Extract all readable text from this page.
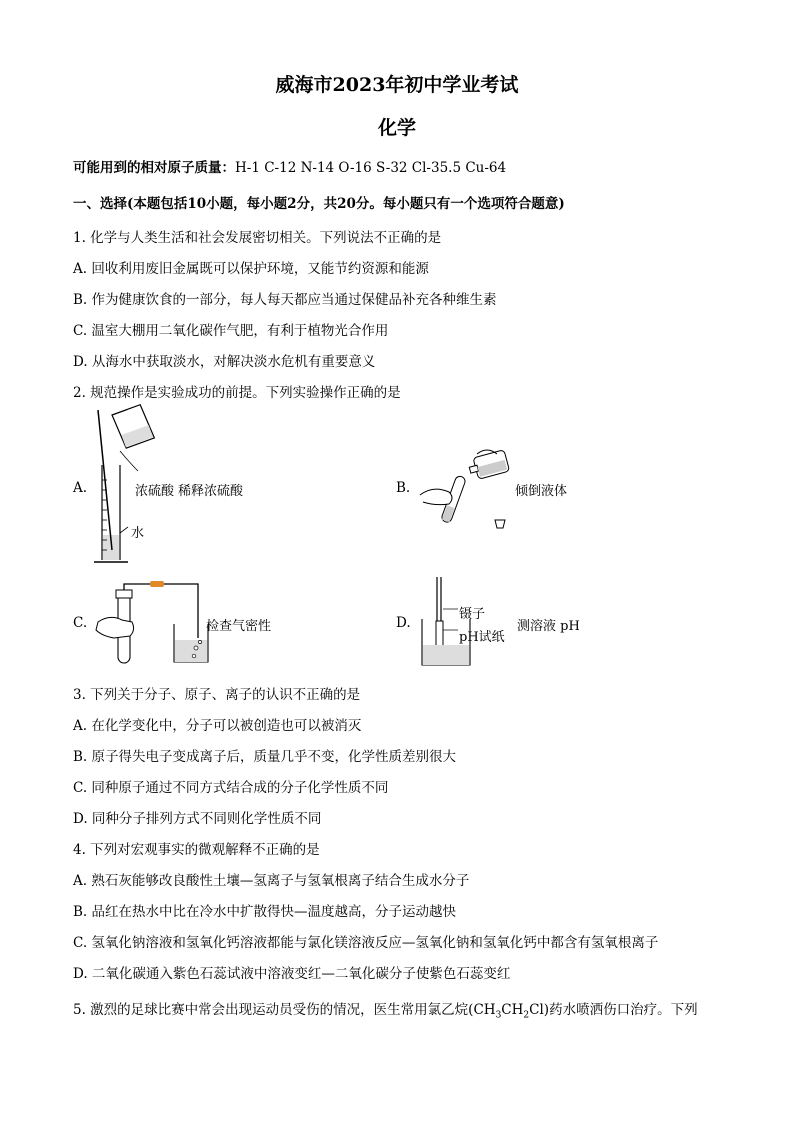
威海市2023年初中学业考试
化学
可能用到的相对原子质量：H-1 C-12 N-14 O-16 S-32 Cl-35.5 Cu-64
一、选择(本题包括10小题，每小题2分，共20分。每小题只有一个选项符合题意)
1. 化学与人类生活和社会发展密切相关。下列说法不正确的是
A. 回收利用废旧金属既可以保护环境，又能节约资源和能源
B. 作为健康饮食的一部分，每人每天都应当通过保健品补充各种维生素
C. 温室大棚用二氧化碳作气肥，有利于植物光合作用
D. 从海水中获取淡水，对解决淡水危机有重要意义
2. 规范操作是实验成功的前提。下列实验操作正确的是
A.	浓硫酸 稀释浓硫酸
水
B.	倾倒液体
C.	检查气密性	D.
镊子
pH试纸
测溶液 pH
3. 下列关于分子、原子、离子的认识不正确的是
A. 在化学变化中，分子可以被创造也可以被消灭
B. 原子得失电子变成离子后，质量几乎不变，化学性质差别很大
C. 同种原子通过不同方式结合成的分子化学性质不同
D. 同种分子排列方式不同则化学性质不同
4. 下列对宏观事实的微观解释不正确的是
A. 熟石灰能够改良酸性土壤—氢离子与氢氧根离子结合生成水分子
B. 品红在热水中比在冷水中扩散得快—温度越高，分子运动越快
C. 氢氧化钠溶液和氢氧化钙溶液都能与氯化镁溶液反应—氢氧化钠和氢氧化钙中都含有氢氧根离子
D. 二氧化碳通入紫色石蕊试液中溶液变红—二氧化碳分子使紫色石蕊变红
5. 激烈的足球比赛中常会出现运动员受伤的情况，医生常用氯乙烷$(CH_3CH_2Cl)$药水喷洒伤口治疗。下列
